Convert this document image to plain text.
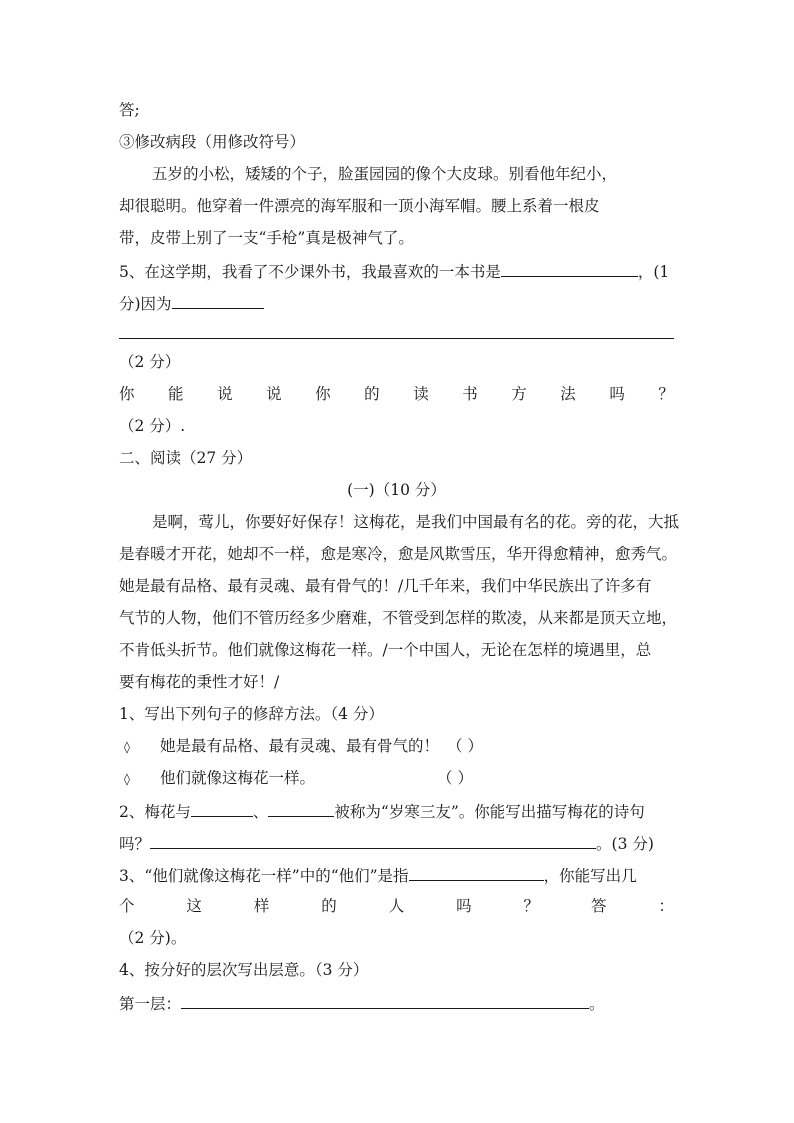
答;
③修改病段（用修改符号）
五岁的小松，矮矮的个子，脸蛋园园的像个大皮球。别看他年纪小，
却很聪明。他穿着一件漂亮的海军服和一顶小海军帽。腰上系着一根皮
带，皮带上别了一支“手枪”真是极神气了。
5、在这学期，我看了不少课外书，我最喜欢的一本书是	，(1
分)因为
（2 分）
你 能 说 说 你 的 读 书 方 法 吗 ？
（2 分）.
二、阅读（27 分）
(一)（10 分）
是啊，莺儿，你要好好保存！这梅花，是我们中国最有名的花。旁的花，大抵
是春暖才开花，她却不一样，愈是寒冷，愈是风欺雪压，华开得愈精神，愈秀气。
她是最有品格、最有灵魂、最有骨气的！/几千年来，我们中华民族出了许多有
气节的人物，他们不管历经多少磨难，不管受到怎样的欺凌，从来都是顶天立地，
不肯低头折节。他们就像这梅花一样。/一个中国人，无论在怎样的境遇里，总
要有梅花的秉性才好！/
1、写出下列句子的修辞方法。（4 分）
◊ 她是最有品格、最有灵魂、最有骨气的！ （ ）
◊ 他们就像这梅花一样。	（ ）
2、梅花与	、	被称为“岁寒三友”。你能写出描写梅花的诗句
吗？	。(3 分)
3、“他们就像这梅花一样”中的“他们”是指	，你能写出几
个	这	样	的	人	吗	？	答	：
（2 分)。
4、按分好的层次写出层意。（3 分）
第一层：	。
